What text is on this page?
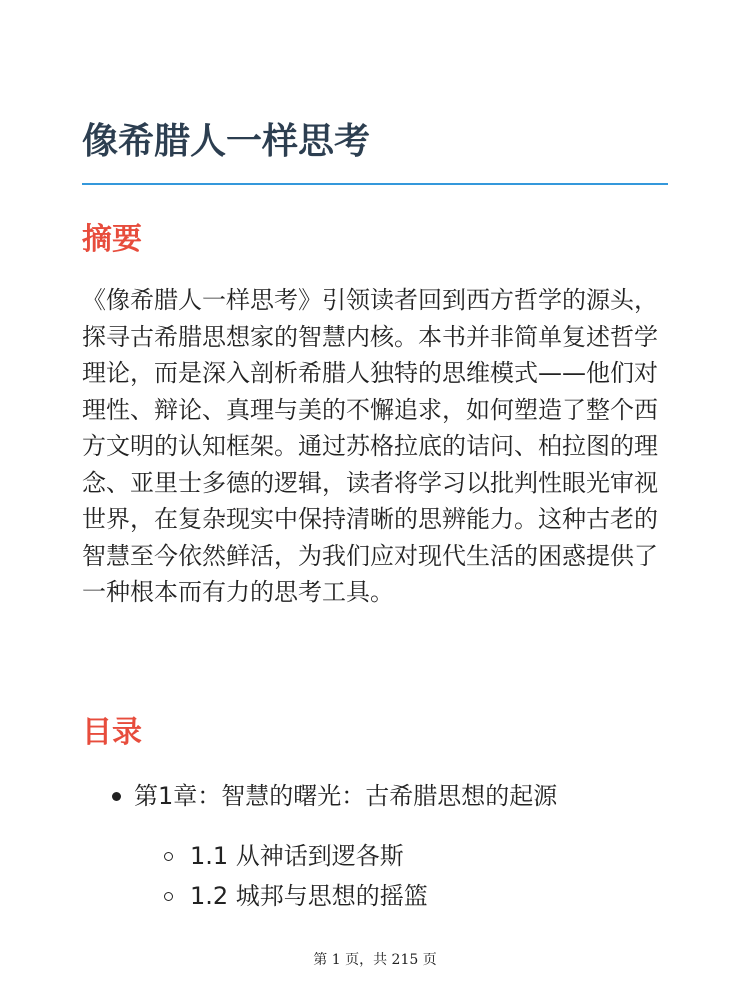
像希腊人一样思考
摘要

《像希腊人一样思考》引领读者回到西方哲学的源头，探寻古希腊思想家的智慧内核。本书并非简单复述哲学理论，而是深入剖析希腊人独特的思维模式——他们对理性、辩论、真理与美的不懈追求，如何塑造了整个西方文明的认知框架。通过苏格拉底的诘问、柏拉图的理念、亚里士多德的逻辑，读者将学习以批判性眼光审视世界，在复杂现实中保持清晰的思辨能力。这种古老的智慧至今依然鲜活，为我们应对现代生活的困惑提供了一种根本而有力的思考工具。

目录
第1章：智慧的曙光：古希腊思想的起源
1.1 从神话到逻各斯
1.2 城邦与思想的摇篮
第 1 页，共 215 页
